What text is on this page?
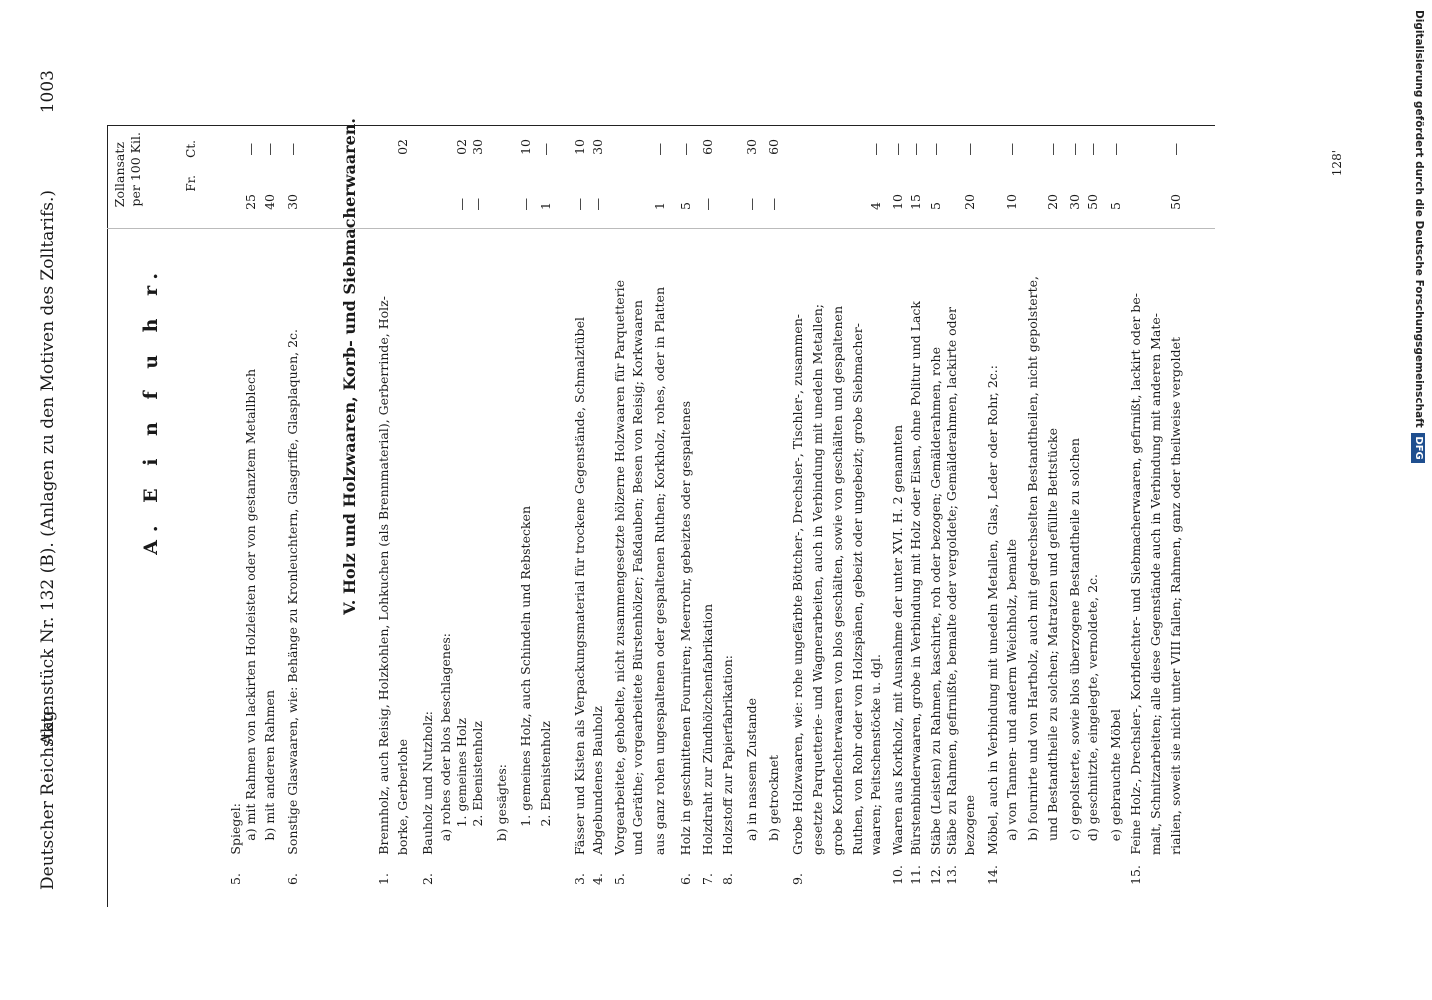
Digitalisierung gefördert durch die Deutsche Forschungsgemeinschaft DFG
5.
Spiegel: a) mit Rahmen von lackirten Holzleisten oder von gestanztem Metallblech
25
—
b) mit anderen Rahmen
40
—
6.
Sonstige Glaswaaren, wie: Behänge zu Kronleuchtern, Glasgriffe, Glasplaquen, 2c.
30
—
1.
Brennholz, auch Reisig, Holzkohlen, Lohkuchen (als Brennmaterial), Gerberrinde, Holz- borke, Gerberlohe
02
2.
Bauholz und Nutzholz: a) rohes oder blos beschlagenes: 1. gemeines Holz
—
02
2. Ebenistenholz
—
30
b) gesägtes: 1. gemeines Holz, auch Schindeln und Rebstecken
—
10
2. Ebenistenholz
1
—
3.
Fässer und Kisten als Verpackungsmaterial für trockene Gegenstände, Schmalztübel
—
10
4.
Abgebundenes Bauholz
—
30
5.
Vorgearbeitete, gehobelte, nicht zusammengesetzte hölzerne Holzwaaren für Parquetterie und Geräthe; vorgearbeitete Bürstenhölzer; Faßdauben; Besen von Reisig; Korkwaaren aus ganz rohen ungespaltenen oder gespaltenen Ruthen; Korkholz, rohes, oder in Platten
1
—
6.
Holz in geschnittenen Fourniren; Meerrohr, gebeiztes oder gespaltenes
5
—
7.
Holzdraht zur Zündhölzchenfabrikation
—
60
8.
Holzstoff zur Papierfabrikation: a) in nassem Zustande
—
30
b) getrocknet
—
60
9.
Grobe Holzwaaren, wie: rohe ungefärbte Böttcher-, Drechsler-, Tischler-, zusammen- gesetzte Parquetterie- und Wagnerarbeiten, auch in Verbindung mit unedeln Metallen; grobe Korbflechterwaaren von blos geschälten, sowie von geschälten und gespaltenen Ruthen, von Rohr oder von Holzspänen, gebeizt oder ungebeizt; grobe Siebmacher- waaren; Peitschenstöcke u. dgl.
4
—
10.
Waaren aus Korkholz, mit Ausnahme der unter XVI. H. 2 genannten
10
—
11.
Bürstenbinderwaaren, grobe in Verbindung mit Holz oder Eisen, ohne Politur und Lack
15
—
12.
Stäbe (Leisten) zu Rahmen, kaschirte, roh oder bezogen; Gemälderahmen, rohe
5
—
13.
Stäbe zu Rahmen, gefirnißte, bemalte oder vergoldete; Gemälderahmen, lackirte oder bezogene
20
—
14.
Möbel, auch in Verbindung mit unedeln Metallen, Glas, Leder oder Rohr, 2c.: a) von Tannen- und anderm Weichholz, bemalte
10
—
b) fournirte und von Hartholz, auch mit gedrechselten Bestandtheilen, nicht gepolsterte, und Bestandtheile zu solchen; Matratzen und gefüllte Bettstücke
20
—
c) gepolsterte, sowie blos überzogene Bestandtheile zu solchen
30
—
d) geschnitzte, eingelegte, vernoldete, 2c.
50
—
e) gebrauchte Möbel
5
—
15.
Feine Holz-, Drechsler-, Korbflechter- und Siebmacherwaaren, gefirnißt, lackirt oder be- malt, Schnitzarbeiten; alle diese Gegenstände auch in Verbindung mit anderen Mate- rialien, soweit sie nicht unter VIII fallen; Rahmen, ganz oder theilweise vergoldet
50
—
Deutscher Reichstag.
Aktenstück Nr. 132 (B). (Anlagen zu den Motiven des Zolltarifs.)
1003
A. E i n f u h r.	V. Holz und Holzwaaren, Korb- und Siebmacherwaaren.
Zollansatz per 100 Kil.	Fr.
Ct.
128'
